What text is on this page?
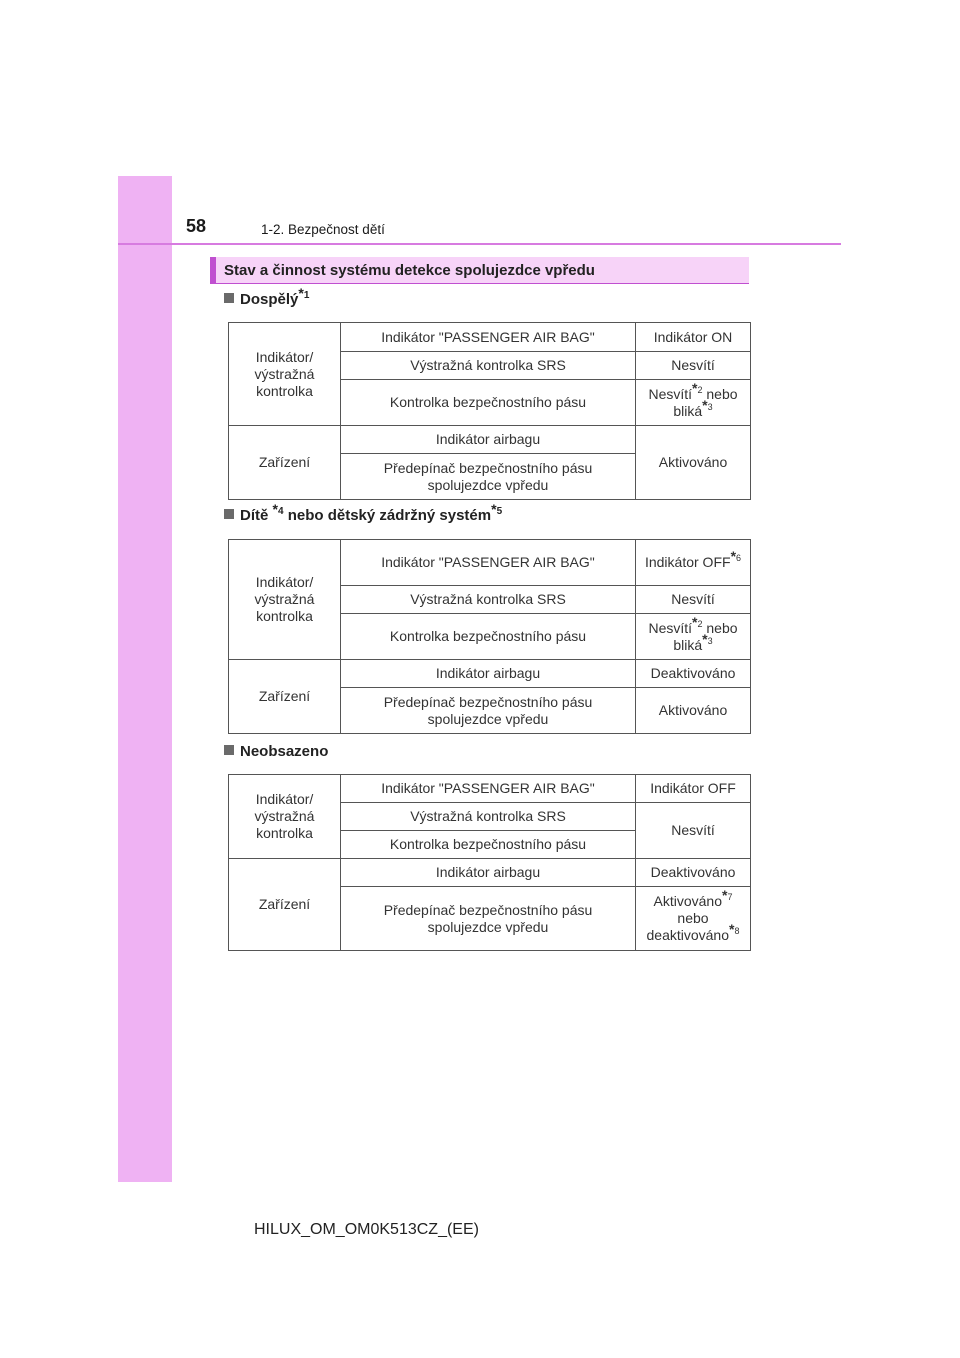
58	1-2. Bezpečnost dětí
Stav a činnost systému detekce spolujezdce vpředu
Dospělý$^{*1}$
Indikátor/ výstražná kontrolka	Indikátor "PASSENGER AIR BAG"	Indikátor ON
	Výstražná kontrolka SRS	Nesvítí
	Kontrolka bezpečnostního pásu	Nesvítí$^{*2}$ nebo bliká$^{*3}$
Zařízení	Indikátor airbagu	Aktivováno
	Předepínač bezpečnostního pásu spolujezdce vpředu	
Dítě $^{*4}$ nebo dětský zádržný systém$^{*5}$
Indikátor/ výstražná kontrolka	Indikátor "PASSENGER AIR BAG"	Indikátor OFF$^{*6}$
	Výstražná kontrolka SRS	Nesvítí
	Kontrolka bezpečnostního pásu	Nesvítí$^{*2}$ nebo bliká$^{*3}$
Zařízení	Indikátor airbagu	Deaktivováno
	Předepínač bezpečnostního pásu spolujezdce vpředu	Aktivováno
Neobsazeno
Indikátor/ výstražná kontrolka	Indikátor "PASSENGER AIR BAG"	Indikátor OFF
	Výstražná kontrolka SRS	Nesvítí
	Kontrolka bezpečnostního pásu	
Zařízení	Indikátor airbagu	Deaktivováno
	Předepínač bezpečnostního pásu spolujezdce vpředu	Aktivováno$^{*7}$ nebo deaktivováno$^{*8}$
HILUX_OM_OM0K513CZ_(EE)
